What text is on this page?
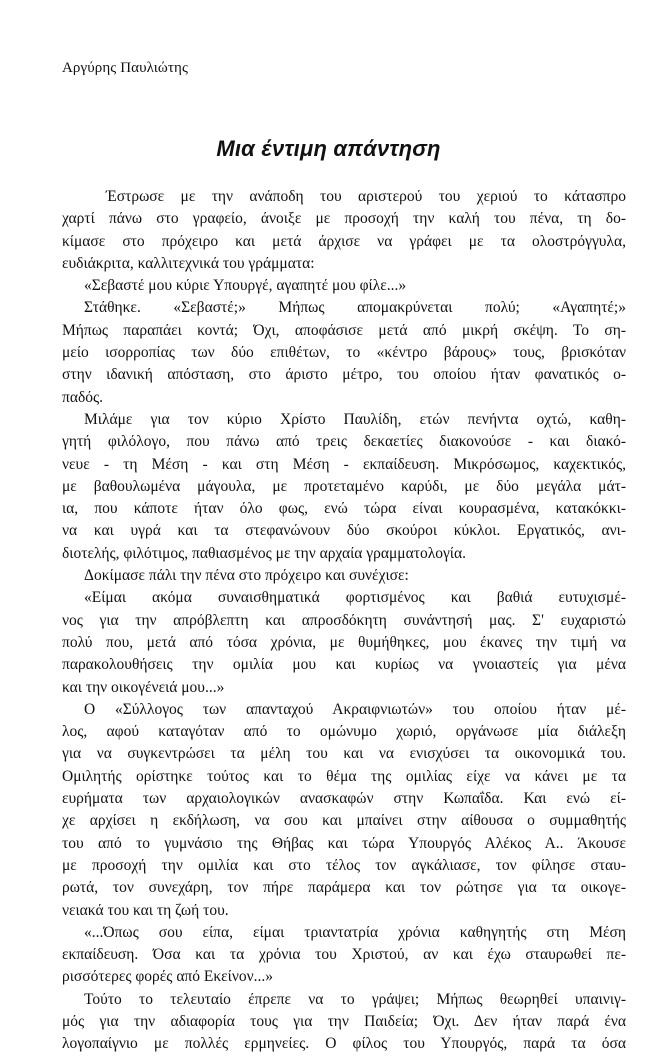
Αργύρης Παυλιώτης
Μια έντιμη απάντηση
Έστρωσε με την ανάποδη του αριστερού του χεριού το κάτασπρο
χαρτί πάνω στο γραφείο, άνοιξε με προσοχή την καλή του πένα, τη δο-
κίμασε στο πρόχειρο και μετά άρχισε να γράφει με τα ολοστρόγγυλα,
ευδιάκριτα, καλλιτεχνικά του γράμματα:
«Σεβαστέ μου κύριε Υπουργέ, αγαπητέ μου φίλε...»
Στάθηκε. «Σεβαστέ;» Μήπως απομακρύνεται πολύ; «Αγαπητέ;»
Μήπως παραπάει κοντά; Όχι, αποφάσισε μετά από μικρή σκέψη. Το ση-
μείο ισορροπίας των δύο επιθέτων, το «κέντρο βάρους» τους, βρισκόταν
στην ιδανική απόσταση, στο άριστο μέτρο, του οποίου ήταν φανατικός ο-
παδός.
Μιλάμε για τον κύριο Χρίστο Παυλίδη, ετών πενήντα οχτώ, καθη-
γητή φιλόλογο, που πάνω από τρεις δεκαετίες διακονούσε - και διακό-
νευε - τη Μέση - και στη Μέση - εκπαίδευση. Μικρόσωμος, καχεκτικός,
με βαθουλωμένα μάγουλα, με προτεταμένο καρύδι, με δύο μεγάλα μάτ-
ια, που κάποτε ήταν όλο φως, ενώ τώρα είναι κουρασμένα, κατακόκκι-
να και υγρά και τα στεφανώνουν δύο σκούροι κύκλοι. Εργατικός, ανι-
διοτελής, φιλότιμος, παθιασμένος με την αρχαία γραμματολογία.
Δοκίμασε πάλι την πένα στο πρόχειρο και συνέχισε:
«Είμαι ακόμα συναισθηματικά φορτισμένος και βαθιά ευτυχισμέ-
νος για την απρόβλεπτη και απροσδόκητη συνάντησή μας. Σ' ευχαριστώ
πολύ που, μετά από τόσα χρόνια, με θυμήθηκες, μου έκανες την τιμή να
παρακολουθήσεις την ομιλία μου και κυρίως να γνοιαστείς για μένα
και την οικογένειά μου...»
Ο «Σύλλογος των απανταχού Ακραιφνιωτών» του οποίου ήταν μέ-
λος, αφού καταγόταν από το ομώνυμο χωριό, οργάνωσε μία διάλεξη
για να συγκεντρώσει τα μέλη του και να ενισχύσει τα οικονομικά του.
Ομιλητής ορίστηκε τούτος και το θέμα της ομιλίας είχε να κάνει με τα
ευρήματα των αρχαιολογικών ανασκαφών στην Κωπαΐδα. Και ενώ εί-
χε αρχίσει η εκδήλωση, να σου και μπαίνει στην αίθουσα ο συμμαθητής
του από το γυμνάσιο της Θήβας και τώρα Υπουργός Αλέκος Α.. Άκουσε
με προσοχή την ομιλία και στο τέλος τον αγκάλιασε, τον φίλησε σταυ-
ρωτά, τον συνεχάρη, τον πήρε παράμερα και τον ρώτησε για τα οικογε-
νειακά του και τη ζωή του.
«...Όπως σου είπα, είμαι τριαντατρία χρόνια καθηγητής στη Μέση
εκπαίδευση. Όσα και τα χρόνια του Χριστού, αν και έχω σταυρωθεί πε-
ρισσότερες φορές από Εκείνον...»
Τούτο το τελευταίο έπρεπε να το γράψει; Μήπως θεωρηθεί υπαινιγ-
μός για την αδιαφορία τους για την Παιδεία; Όχι. Δεν ήταν παρά ένα
λογοπαίγνιο με πολλές ερμηνείες. Ο φίλος του Υπουργός, παρά τα όσα
